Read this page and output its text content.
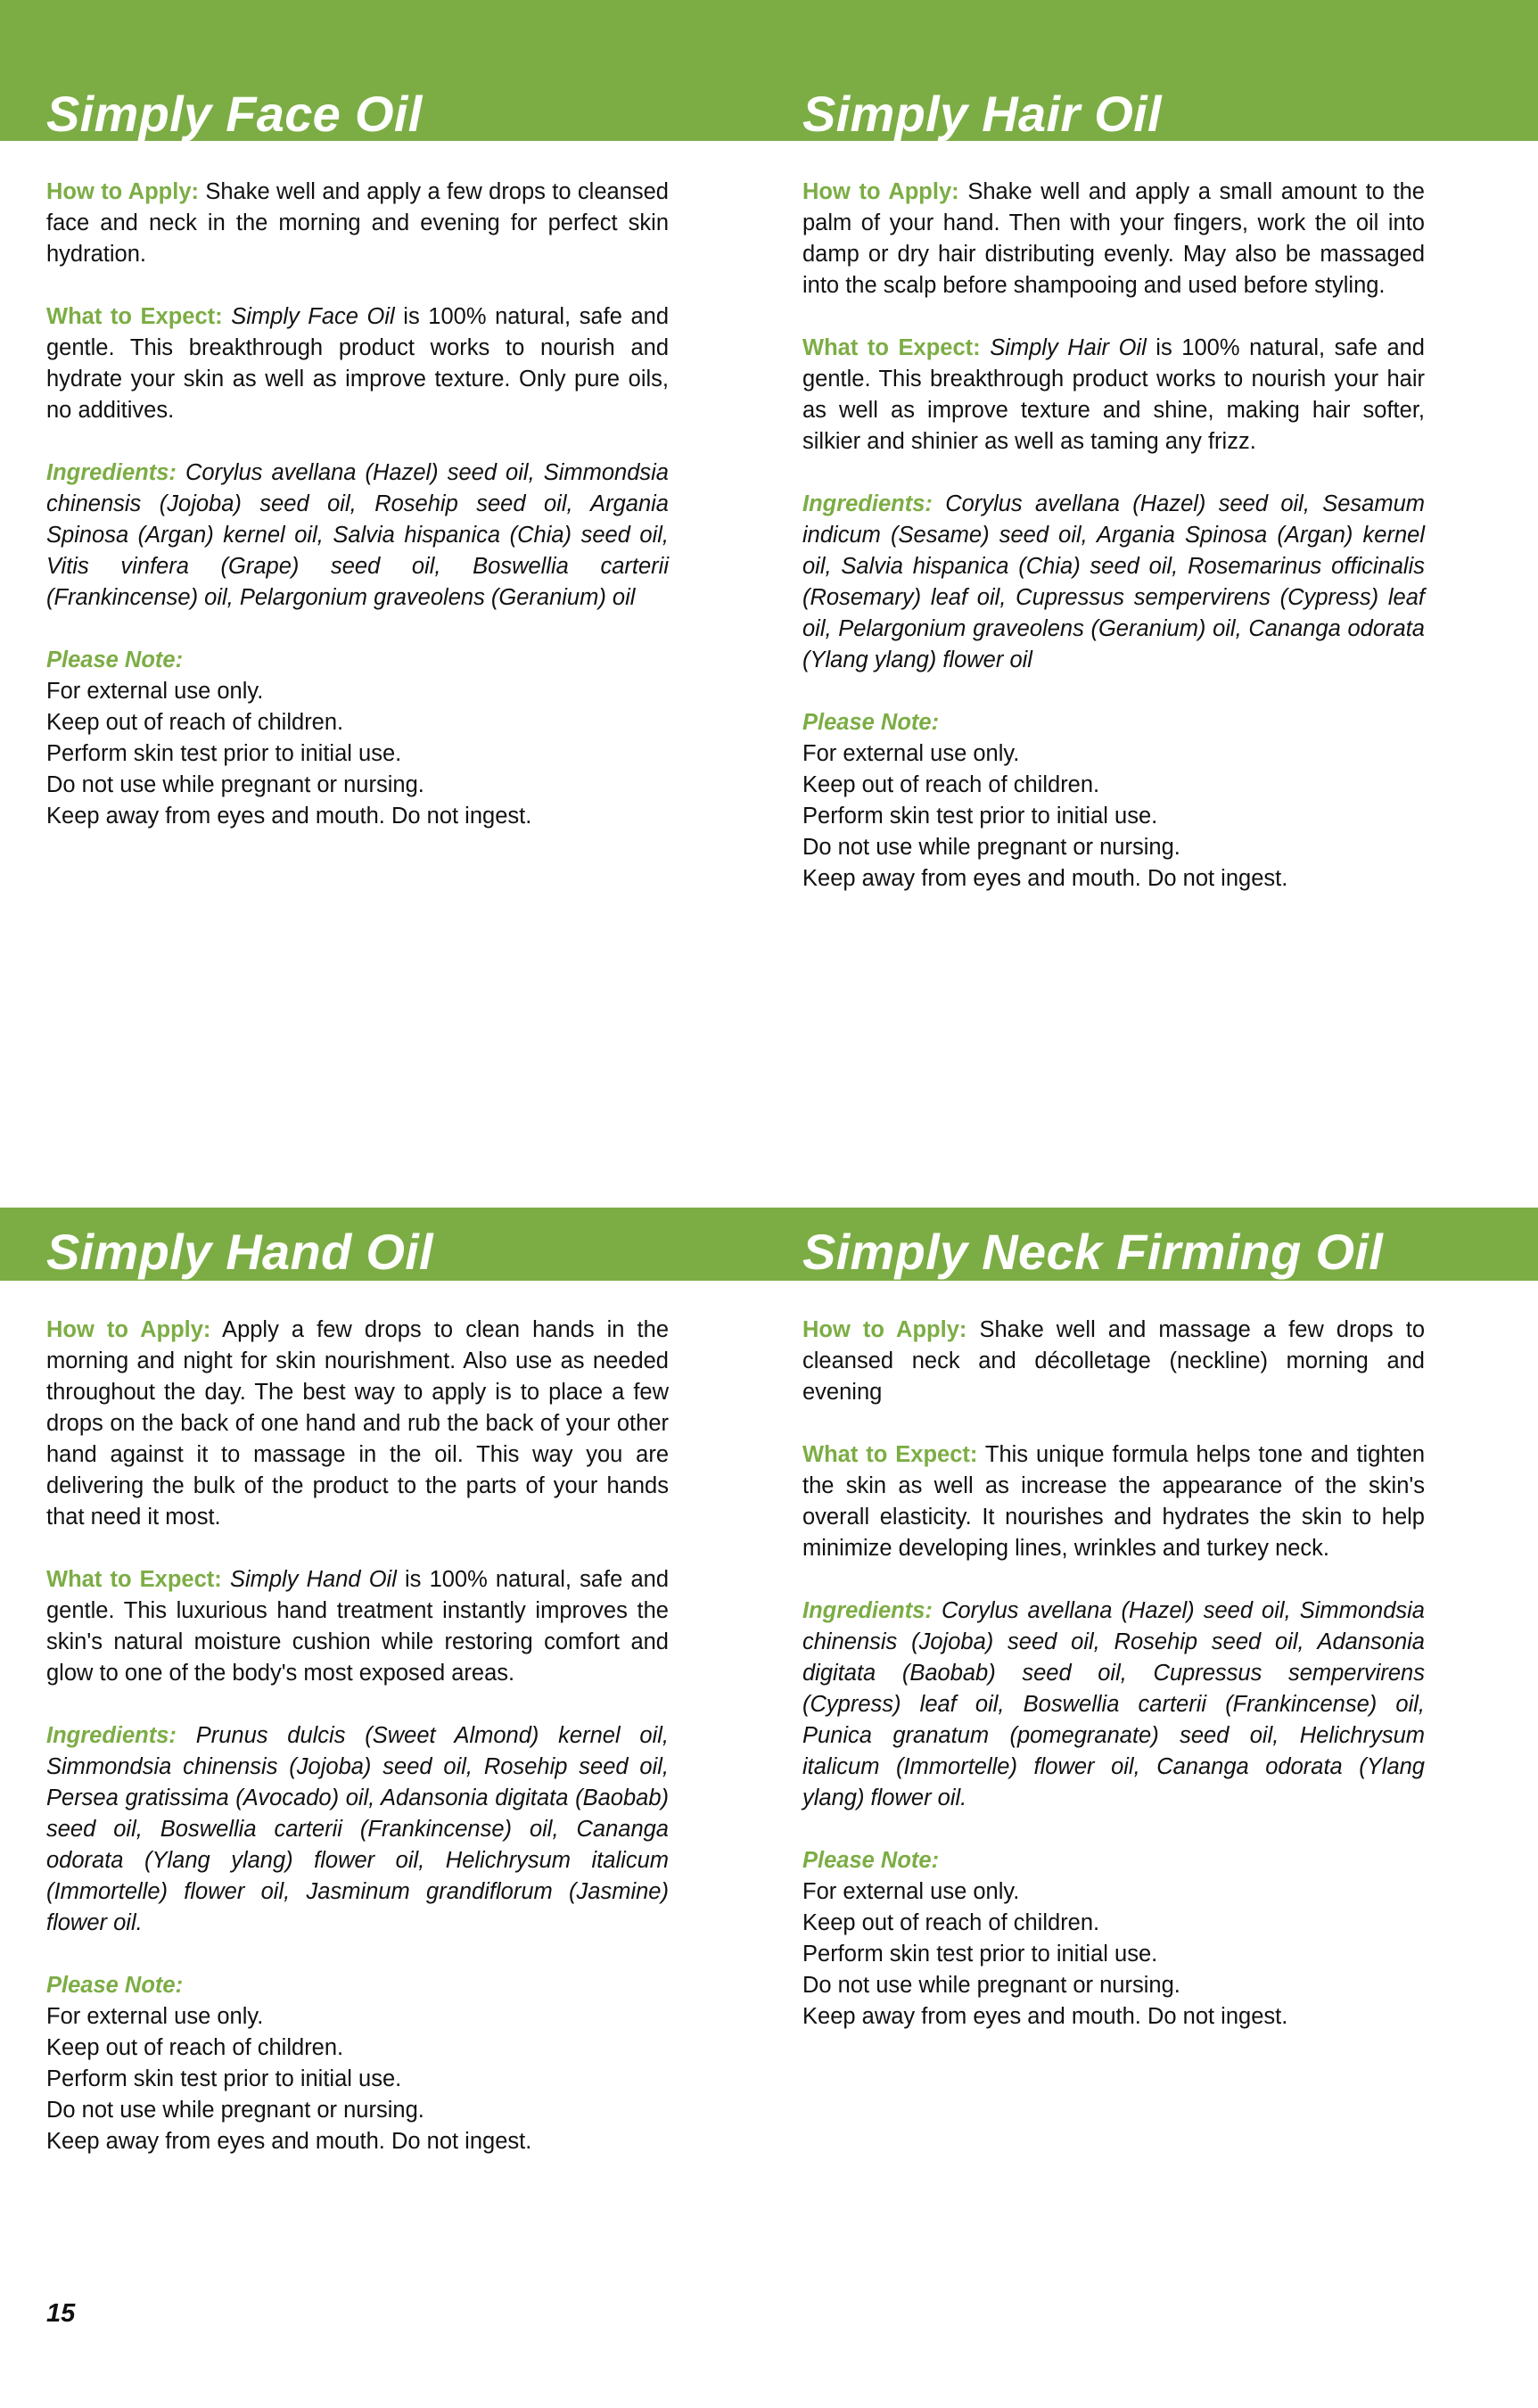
Simply Face Oil	Simply Hair Oil
Simply Hand Oil	Simply Neck Firming Oil

How to Apply: Shake well and apply a few drops to cleansed face and neck in the morning and evening for perfect skin hydration.

What to Expect: Simply Face Oil is 100% natural, safe and gentle. This breakthrough product works to nourish and hydrate your skin as well as improve texture. Only pure oils, no additives.

Ingredients: Corylus avellana (Hazel) seed oil, Simmondsia chinensis (Jojoba) seed oil, Rosehip seed oil, Argania Spinosa (Argan) kernel oil, Salvia hispanica (Chia) seed oil, Vitis vinfera (Grape) seed oil, Boswellia carterii (Frankincense) oil, Pelargonium graveolens (Geranium) oil

Please Note:
For external use only.
Keep out of reach of children.
Perform skin test prior to initial use.
Do not use while pregnant or nursing.
Keep away from eyes and mouth. Do not ingest.

How to Apply: Shake well and apply a small amount to the palm of your hand. Then with your fingers, work the oil into damp or dry hair distributing evenly. May also be massaged into the scalp before shampooing and used before styling.

What to Expect: Simply Hair Oil is 100% natural, safe and gentle. This breakthrough product works to nourish your hair as well as improve texture and shine, making hair softer, silkier and shinier as well as taming any frizz.

Ingredients: Corylus avellana (Hazel) seed oil, Sesamum indicum (Sesame) seed oil, Argania Spinosa (Argan) kernel oil, Salvia hispanica (Chia) seed oil, Rosemarinus officinalis (Rosemary) leaf oil, Cupressus sempervirens (Cypress) leaf oil, Pelargonium graveolens (Geranium) oil, Cananga odorata (Ylang ylang) flower oil

Please Note:
For external use only.
Keep out of reach of children.
Perform skin test prior to initial use.
Do not use while pregnant or nursing.
Keep away from eyes and mouth. Do not ingest.

How to Apply: Apply a few drops to clean hands in the morning and night for skin nourishment. Also use as needed throughout the day. The best way to apply is to place a few drops on the back of one hand and rub the back of your other hand against it to massage in the oil. This way you are delivering the bulk of the product to the parts of your hands that need it most.

What to Expect: Simply Hand Oil is 100% natural, safe and gentle. This luxurious hand treatment instantly improves the skin's natural moisture cushion while restoring comfort and glow to one of the body's most exposed areas.

Ingredients: Prunus dulcis (Sweet Almond) kernel oil, Simmondsia chinensis (Jojoba) seed oil, Rosehip seed oil, Persea gratissima (Avocado) oil, Adansonia digitata (Baobab) seed oil, Boswellia carterii (Frankincense) oil, Cananga odorata (Ylang ylang) flower oil, Helichrysum italicum (Immortelle) flower oil, Jasminum grandiflorum (Jasmine) flower oil.

Please Note:
For external use only.
Keep out of reach of children.
Perform skin test prior to initial use.
Do not use while pregnant or nursing.
Keep away from eyes and mouth. Do not ingest.

How to Apply: Shake well and massage a few drops to cleansed neck and décolletage (neckline) morning and evening

What to Expect: This unique formula helps tone and tighten the skin as well as increase the appearance of the skin's overall elasticity. It nourishes and hydrates the skin to help minimize developing lines, wrinkles and turkey neck.

Ingredients: Corylus avellana (Hazel) seed oil, Simmondsia chinensis (Jojoba) seed oil, Rosehip seed oil, Adansonia digitata (Baobab) seed oil, Cupressus sempervirens (Cypress) leaf oil, Boswellia carterii (Frankincense) oil, Punica granatum (pomegranate) seed oil, Helichrysum italicum (Immortelle) flower oil, Cananga odorata (Ylang ylang) flower oil.

Please Note:
For external use only.
Keep out of reach of children.
Perform skin test prior to initial use.
Do not use while pregnant or nursing.
Keep away from eyes and mouth. Do not ingest.

15
